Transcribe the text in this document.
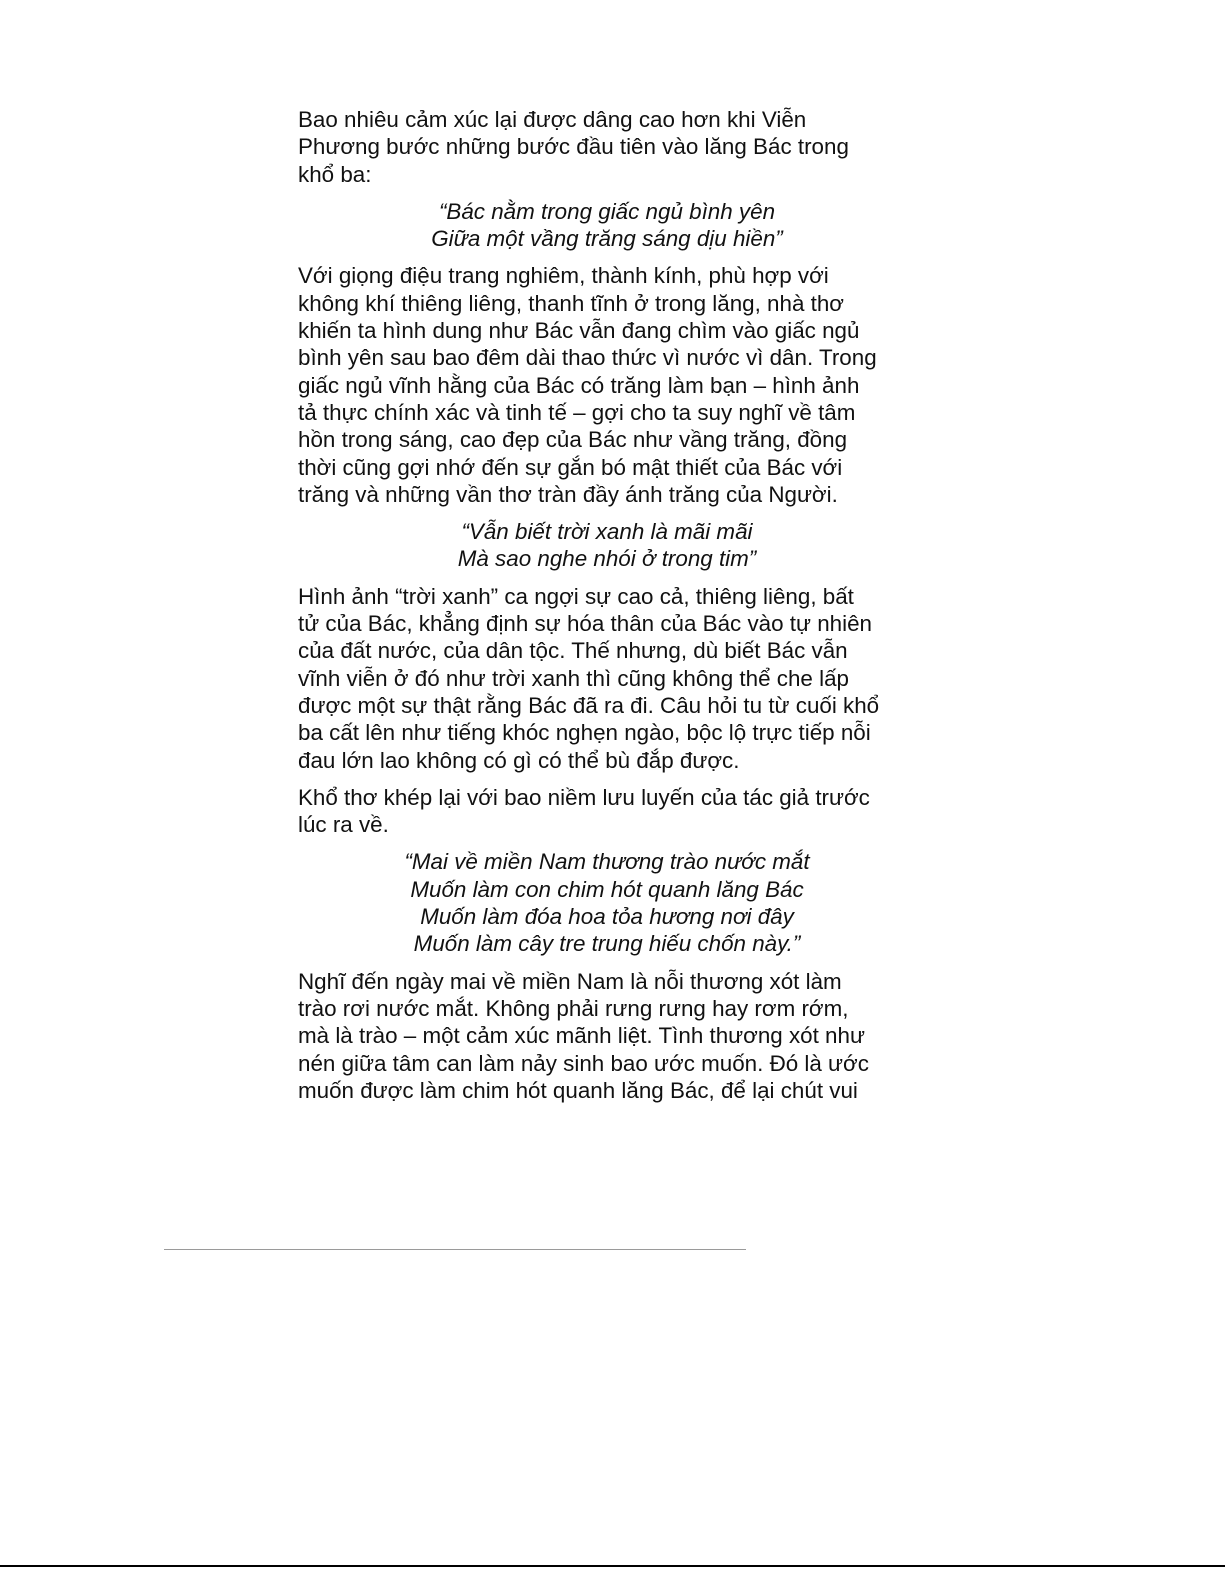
Bao nhiêu cảm xúc lại được dâng cao hơn khi Viễn
Phương bước những bước đầu tiên vào lăng Bác trong
khổ ba:

“Bác nằm trong giấc ngủ bình yên
Giữa một vầng trăng sáng dịu hiền”

Với giọng điệu trang nghiêm, thành kính, phù hợp với
không khí thiêng liêng, thanh tĩnh ở trong lăng, nhà thơ
khiến ta hình dung như Bác vẫn đang chìm vào giấc ngủ
bình yên sau bao đêm dài thao thức vì nước vì dân. Trong
giấc ngủ vĩnh hằng của Bác có trăng làm bạn – hình ảnh
tả thực chính xác và tinh tế – gợi cho ta suy nghĩ về tâm
hồn trong sáng, cao đẹp của Bác như vầng trăng, đồng
thời cũng gợi nhớ đến sự gắn bó mật thiết của Bác với
trăng và những vần thơ tràn đầy ánh trăng của Người.

“Vẫn biết trời xanh là mãi mãi
Mà sao nghe nhói ở trong tim”

Hình ảnh “trời xanh” ca ngợi sự cao cả, thiêng liêng, bất
tử của Bác, khẳng định sự hóa thân của Bác vào tự nhiên
của đất nước, của dân tộc. Thế nhưng, dù biết Bác vẫn
vĩnh viễn ở đó như trời xanh thì cũng không thể che lấp
được một sự thật rằng Bác đã ra đi. Câu hỏi tu từ cuối khổ
ba cất lên như tiếng khóc nghẹn ngào, bộc lộ trực tiếp nỗi
đau lớn lao không có gì có thể bù đắp được.

Khổ thơ khép lại với bao niềm lưu luyến của tác giả trước
lúc ra về.

“Mai về miền Nam thương trào nước mắt
Muốn làm con chim hót quanh lăng Bác
Muốn làm đóa hoa tỏa hương nơi đây
Muốn làm cây tre trung hiếu chốn này.”

Nghĩ đến ngày mai về miền Nam là nỗi thương xót làm
trào rơi nước mắt. Không phải rưng rưng hay rơm rớm,
mà là trào – một cảm xúc mãnh liệt. Tình thương xót như
nén giữa tâm can làm nảy sinh bao ước muốn. Đó là ước
muốn được làm chim hót quanh lăng Bác, để lại chút vui
